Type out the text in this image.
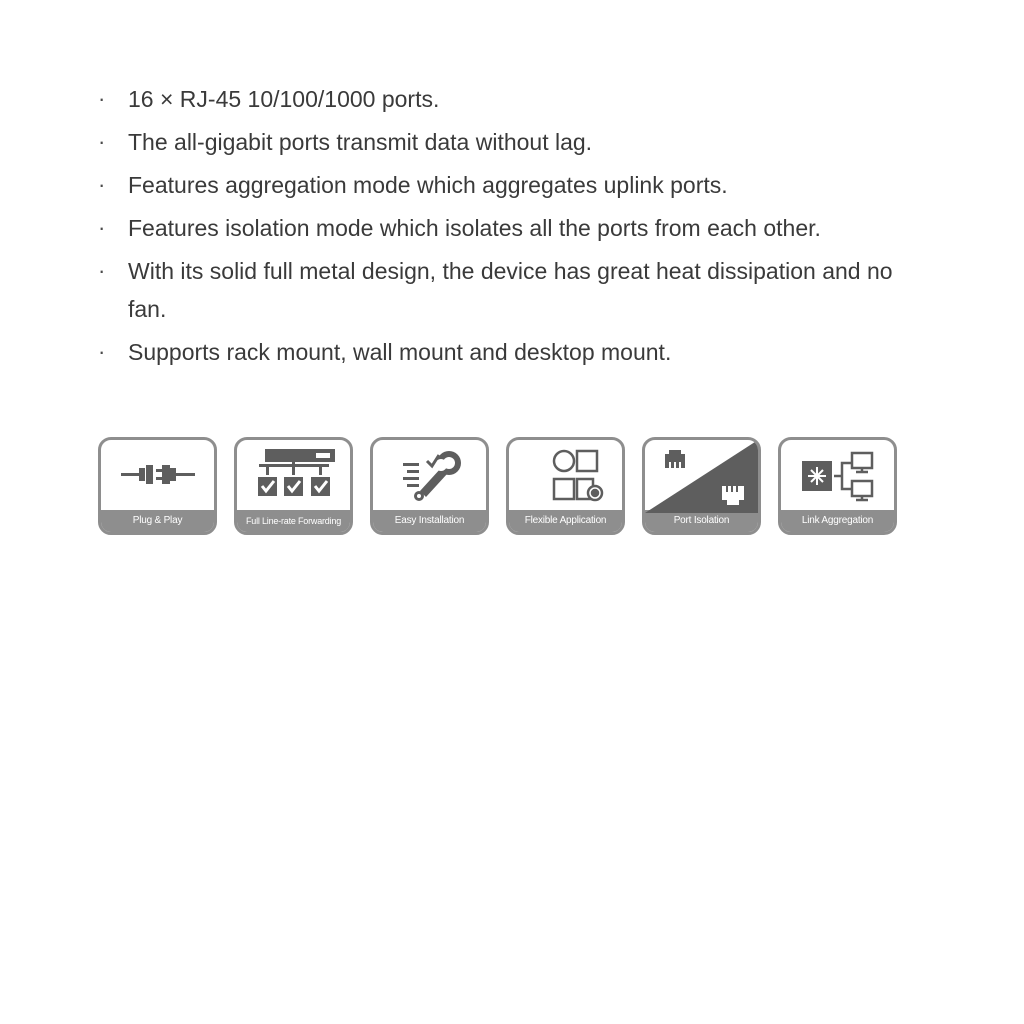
· 16 × RJ-45 10/100/1000 ports.
· The all-gigabit ports transmit data without lag.
· Features aggregation mode which aggregates uplink ports.
· Features isolation mode which isolates all the ports from each other.
· With its solid full metal design, the device has great heat dissipation and no fan.
· Supports rack mount, wall mount and desktop mount.
Plug & Play	Full Line-rate Forwarding	Easy Installation	Flexible Application	Port Isolation	Link Aggregation
